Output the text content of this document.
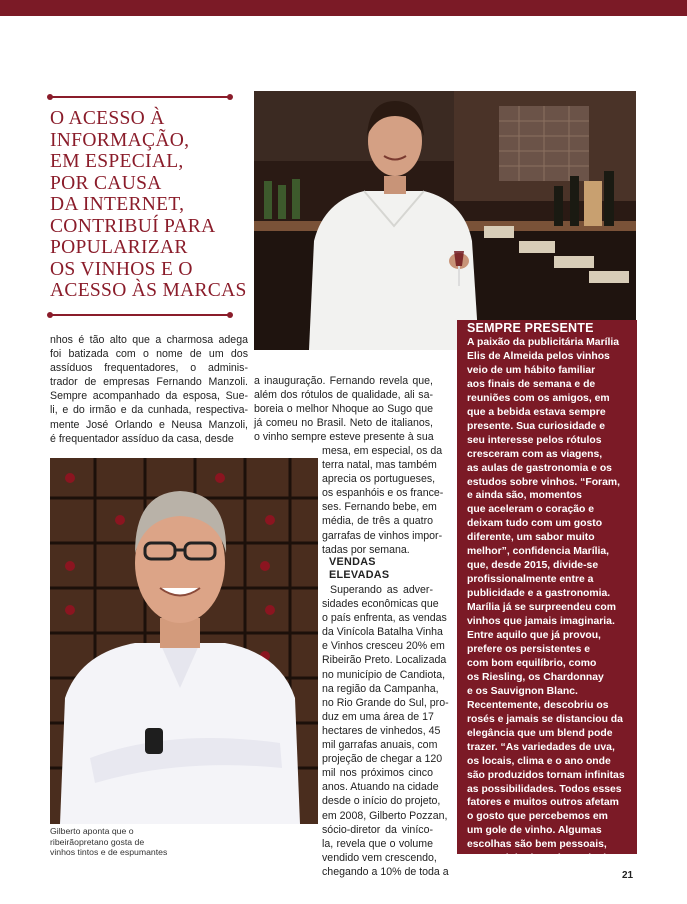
O ACESSO À
INFORMAÇÃO,
EM ESPECIAL,
POR CAUSA
DA INTERNET,
CONTRIBUÍ PARA
POPULARIZAR
OS VINHOS E O
ACESSO ÀS MARCAS

nhos é tão alto que a charmosa adega
foi batizada com o nome de um dos
assíduos frequentadores, o adminis-
trador de empresas Fernando Manzoli.
Sempre acompanhado da esposa, Sue-
li, e do irmão e da cunhada, respectiva-
mente José Orlando e Neusa Manzoli,
é frequentador assíduo da casa, desde

a inauguração. Fernando revela que,
além dos rótulos de qualidade, ali sa-
boreia o melhor Nhoque ao Sugo que
já comeu no Brasil. Neto de italianos,
o vinho sempre esteve presente à sua

mesa, em especial, os da
terra natal, mas também
aprecia os portugueses,
os espanhóis e os france-
ses. Fernando bebe, em
média, de três a quatro
garrafas de vinhos impor-
tadas por semana.

VENDAS
ELEVADAS

Superando as adver-
sidades econômicas que
o país enfrenta, as vendas
da Vinícola Batalha Vinha
e Vinhos cresceu 20% em
Ribeirão Preto. Localizada
no município de Candiota,
na região da Campanha,
no Rio Grande do Sul, pro-
duz em uma área de 17
hectares de vinhedos, 45
mil garrafas anuais, com
projeção de chegar a 120
mil nos próximos cinco
anos. Atuando na cidade
desde o início do projeto,
em 2008, Gilberto Pozzan,
sócio-diretor da viníco-
la, revela que o volume
vendido vem crescendo,
chegando a 10% de toda a

Gilberto aponta que o
ribeirãopretano gosta de
vinhos tintos e de espumantes
SEMPRE PRESENTE
A paixão da publicitária Marília
Elis de Almeida pelos vinhos
veio de um hábito familiar
aos finais de semana e de
reuniões com os amigos, em
que a bebida estava sempre
presente. Sua curiosidade e
seu interesse pelos rótulos
cresceram com as viagens,
as aulas de gastronomia e os
estudos sobre vinhos. “Foram,
e ainda são, momentos
que aceleram o coração e
deixam tudo com um gosto
diferente, um sabor muito
melhor”, confidencia Marília,
que, desde 2015, divide-se
profissionalmente entre a
publicidade e a gastronomia.
Marília já se surpreendeu com
vinhos que jamais imaginaria.
Entre aquilo que já provou,
prefere os persistentes e
com bom equilíbrio, como
os Riesling, os Chardonnay
e os Sauvignon Blanc.
Recentemente, descobriu os
rosés e jamais se distanciou da
elegância que um blend pode
trazer. “As variedades de uva,
os locais, clima e o ano onde
são produzidos tornam infinitas
as possibilidades. Todos esses
fatores e muitos outros afetam
o gosto que percebemos em
um gole de vinho. Algumas
escolhas são bem pessoais,
mas o vinho bom é aquele do
qual você gosta”, reforça.	21
